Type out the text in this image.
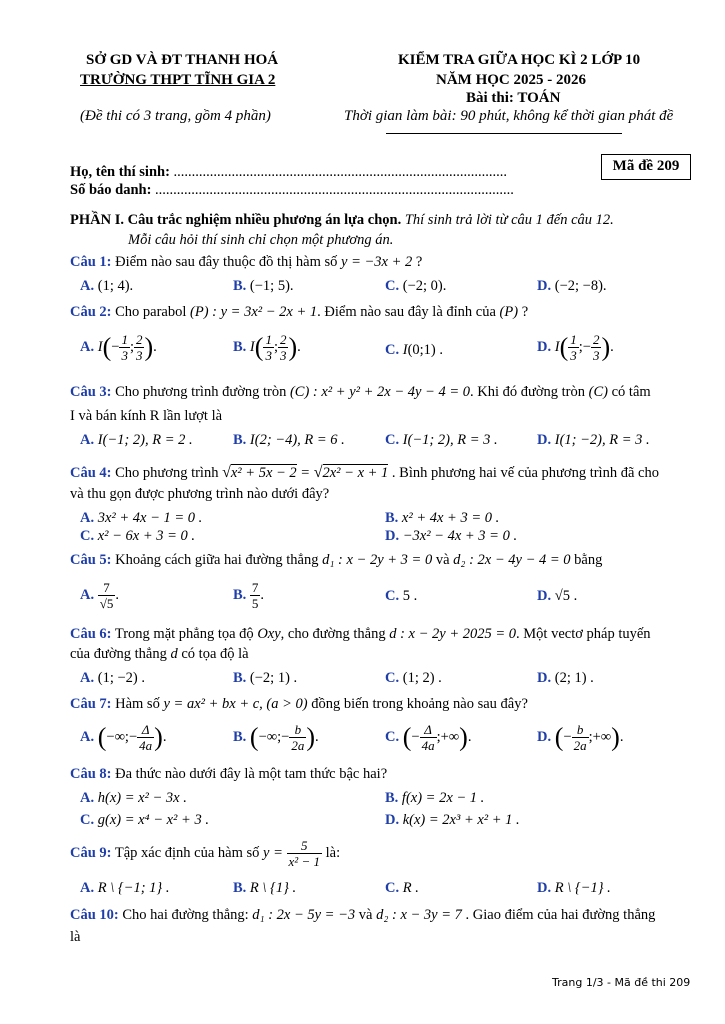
SỞ GD VÀ ĐT THANH HOÁ
TRƯỜNG THPT TĨNH GIA 2
(Đề thi có 3 trang, gồm 4 phần)
KIỂM TRA GIỮA HỌC KÌ 2 LỚP 10
NĂM HỌC 2025 - 2026
Bài thi: TOÁN
Thời gian làm bài: 90 phút, không kể thời gian phát đề
Họ, tên thí sinh: ............................................................................................
Số báo danh: ...................................................................................................
Mã đề 209
PHẦN I. Câu trắc nghiệm nhiều phương án lựa chọn. Thí sinh trả lời từ câu 1 đến câu 12.
Mỗi câu hỏi thí sinh chỉ chọn một phương án.
Câu 1: Điểm nào sau đây thuộc đồ thị hàm số y = −3x + 2 ?
A. (1; 4).	B. (−1; 5).	C. (−2; 0).	D. (−2; −8).
Câu 2: Cho parabol (P) : y = 3x² − 2x + 1. Điểm nào sau đây là đỉnh của (P) ?
A. $I(- \frac{1}{3}$ ; $\frac{2}{3}$ ).	B. $I( \frac{1}{3}$ ; $\frac{2}{3}$ ).	C. I(0;1) .	D. $I( \frac{1}{3}$ ;− $\frac{2}{3}$ ).
Câu 3: Cho phương trình đường tròn (C) : x² + y² + 2x − 4y − 4 = 0. Khi đó đường tròn (C) có tâm
I và bán kính R lần lượt là
A. I(−1; 2), R = 2 .	B. I(2; −4), R = 6 .	C. I(−1; 2), R = 3 .	D. I(1; −2), R = 3 .
Câu 4: Cho phương trình √x² + 5x − 2 = √2x² − x + 1 . Bình phương hai vế của phương trình đã cho
và thu gọn được phương trình nào dưới đây?
A. 3x² + 4x − 1 = 0 .	B. x² + 4x + 3 = 0 .
C. x² − 6x + 3 = 0 .	D. −3x² − 4x + 3 = 0 .
Câu 5: Khoảng cách giữa hai đường thẳng d₁ : x − 2y + 3 = 0 và d₂ : 2x − 4y − 4 = 0 bằng
A. $\frac{7}{√5}$ .	B. $\frac{7}{5}$ .	C. 5 .	D. √5 .
Câu 6: Trong mặt phẳng tọa độ Oxy, cho đường thẳng d : x − 2y + 2025 = 0. Một vectơ pháp tuyến
của đường thẳng d có tọa độ là
A. (1; −2) .	B. (−2; 1) .	C. (1; 2) .	D. (2; 1) .
Câu 7: Hàm số y = ax² + bx + c, (a > 0) đồng biến trong khoảng nào sau đây?
A. (−∞;− $\frac{\Delta}{4a}$ ).	B. (−∞;− $\frac{b}{2a}$ ).	C. (− $\frac{\Delta}{4a}$ ;+∞).	D. (− $\frac{b}{2a}$ ;+∞).
Câu 8: Đa thức nào dưới đây là một tam thức bậc hai?
A. h(x) = x² − 3x .	B. f(x) = 2x − 1 .
C. g(x) = x⁴ − x² + 3 .	D. k(x) = 2x³ + x² + 1 .
Câu 9: Tập xác định của hàm số $y = \frac{5}{\text{x² − 1}}$ là:
A. R \ {−1; 1} .	B. R \ {1} .	C. R .	D. R \ {−1} .
Câu 10: Cho hai đường thẳng: d₁ : 2x − 5y = −3 và d₂ : x − 3y = 7 . Giao điểm của hai đường thẳng
là
Trang 1/3 - Mã đề thi 209
